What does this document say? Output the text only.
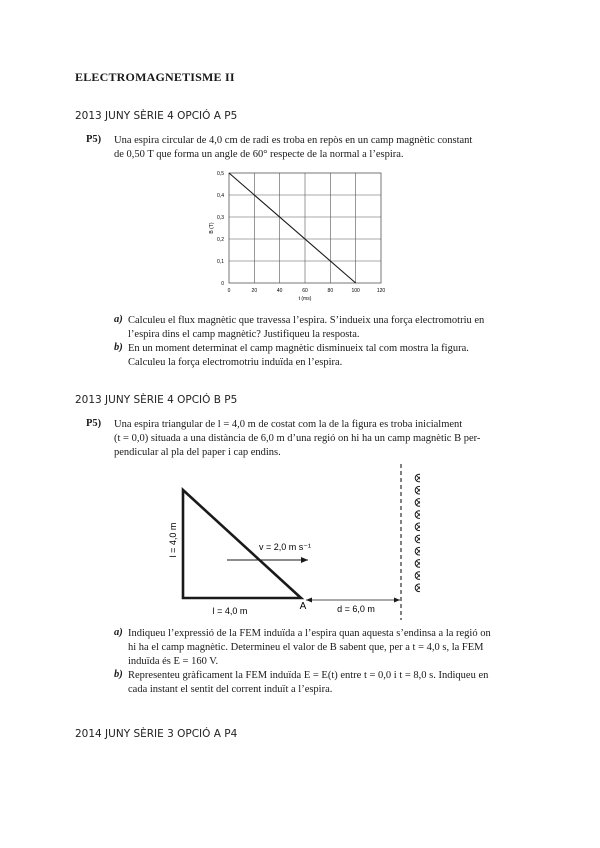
ELECTROMAGNETISME II
2013 JUNY SÈRIE 4 OPCIÓ A P5
P5) Una espira circular de 4,0 cm de radi es troba en repòs en un camp magnètic constant
de 0,50 T que forma un angle de 60° respecte de la normal a l’espira.
0	20	40	60	80	100	120
0
0,1
0,2
0,3
0,4
0,5
t (ms)
B (T)
a) Calculeu el flux magnètic que travessa l’espira. S’indueix una força electromotriu en
l’espira dins el camp magnètic? Justifiqueu la resposta.
b) En un moment determinat el camp magnètic disminueix tal com mostra la figura.
Calculeu la força electromotriu induïda en l’espira.
2013 JUNY SÈRIE 4 OPCIÓ B P5
P5) Una espira triangular de l = 4,0 m de costat com la de la figura es troba inicialment
(t = 0,0) situada a una distància de 6,0 m d’una regió on hi ha un camp magnètic B per-
pendicular al pla del paper i cap endins.
l = 4,0 m
l = 4,0 m
v = 2,0 m s⁻¹
A	d = 6,0 m
a) Indiqueu l’expressió de la FEM induïda a l’espira quan aquesta s’endinsa a la regió on
hi ha el camp magnètic. Determineu el valor de B sabent que, per a t = 4,0 s, la FEM
induïda és E = 160 V.
b) Representeu gràficament la FEM induïda E = E(t) entre t = 0,0 i t = 8,0 s. Indiqueu en
cada instant el sentit del corrent induït a l’espira.
2014 JUNY SÈRIE 3 OPCIÓ A P4
